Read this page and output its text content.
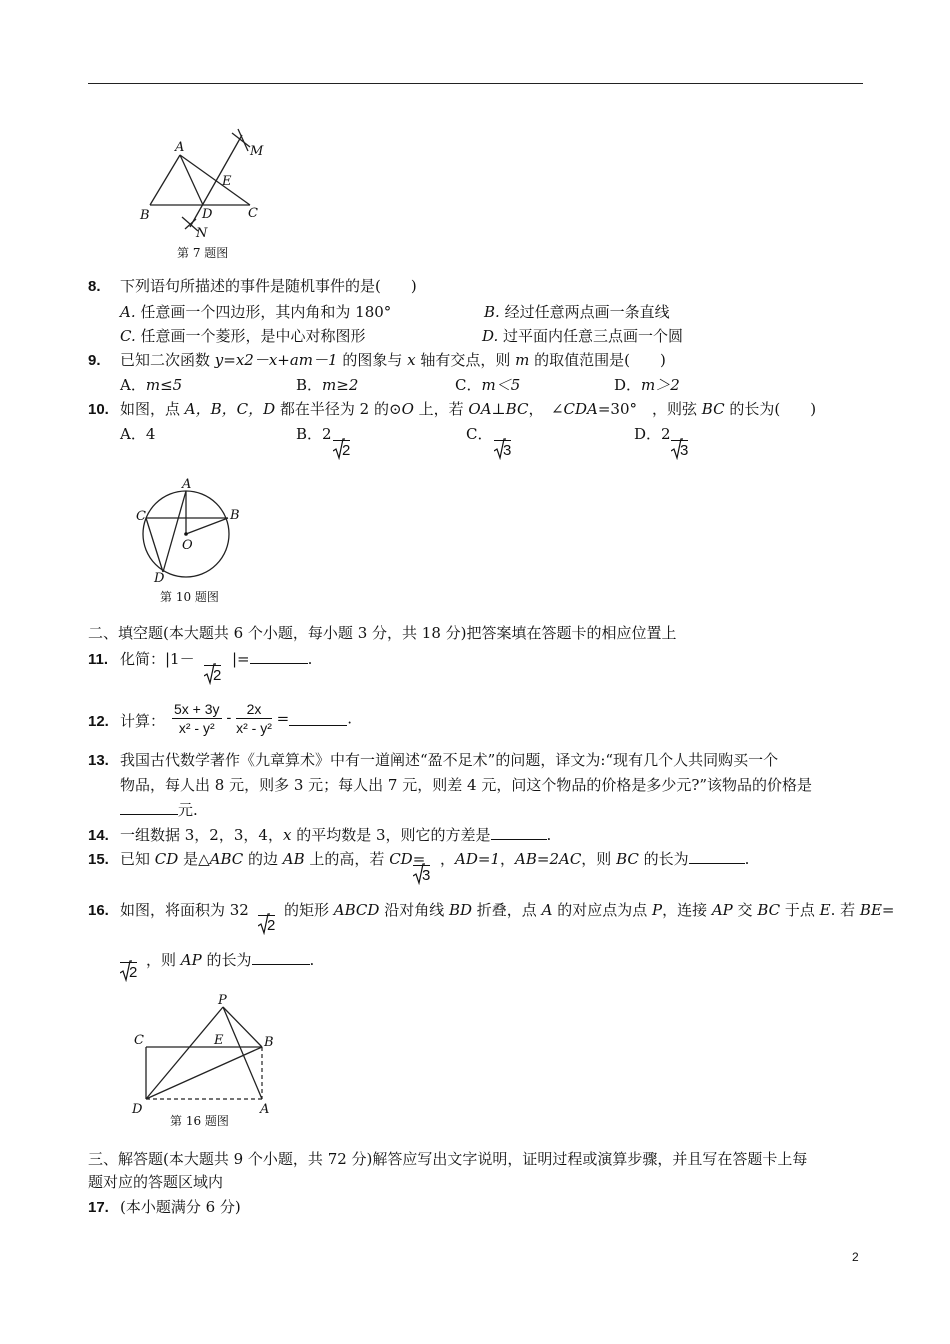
A	M
E
B	D	C
N
第 7 题图
8. 下列语句所描述的事件是随机事件的是(　　)
A. 任意画一个四边形，其内角和为 180°	B. 经过任意两点画一条直线
C. 任意画一个菱形，是中心对称图形	D. 过平面内任意三点画一个圆
9. 已知二次函数 y=x2－x+am－1 的图象与 x 轴有交点，则 m 的取值范围是(　　)
A．m≤5	B．m≥2	C．m＜5	D．m＞2
10. 如图，点 A，B，C，D 都在半径为 2 的⊙O 上，若 OA⊥BC，　∠CDA=30°　，则弦 BC 的长为(　　)
A．4	B．2
2
C．
3
D．2
3
A
C	B
O
D
第 10 题图
二、填空题(本大题共 6 个小题，每小题 3 分，共 18 分)把答案填在答题卡的相应位置上
11. 化简：|1－
2
|=	.
12. 计算： $\frac{5x + 3y}{\text{x² - y²}} - \frac{2x}{\text{x² - y²}}$ =	.
13. 我国古代数学著作《九章算术》中有一道阐述“盈不足术”的问题，译文为:“现有几个人共同购买一个
物品，每人出 8 元，则多 3 元；每人出 7 元，则差 4 元，问这个物品的价格是多少元?”该物品的价格是
元.
14. 一组数据 3，2，3，4，x 的平均数是 3，则它的方差是	.
15. 已知 CD 是△ABC 的边 AB 上的高，若 CD=
3
，AD=1，AB=2AC，则 BC 的长为	.
16. 如图，将面积为 32
2
的矩形 ABCD 沿对角线 BD 折叠，点 A 的对应点为点 P，连接 AP 交 BC 于点 E. 若 BE=
2
，则 AP 的长为	.
P
C	E	B
D	A
第 16 题图
三、解答题(本大题共 9 个小题，共 72 分)解答应写出文字说明，证明过程或演算步骤，并且写在答题卡上每
题对应的答题区域内
17. (本小题满分 6 分)
2
